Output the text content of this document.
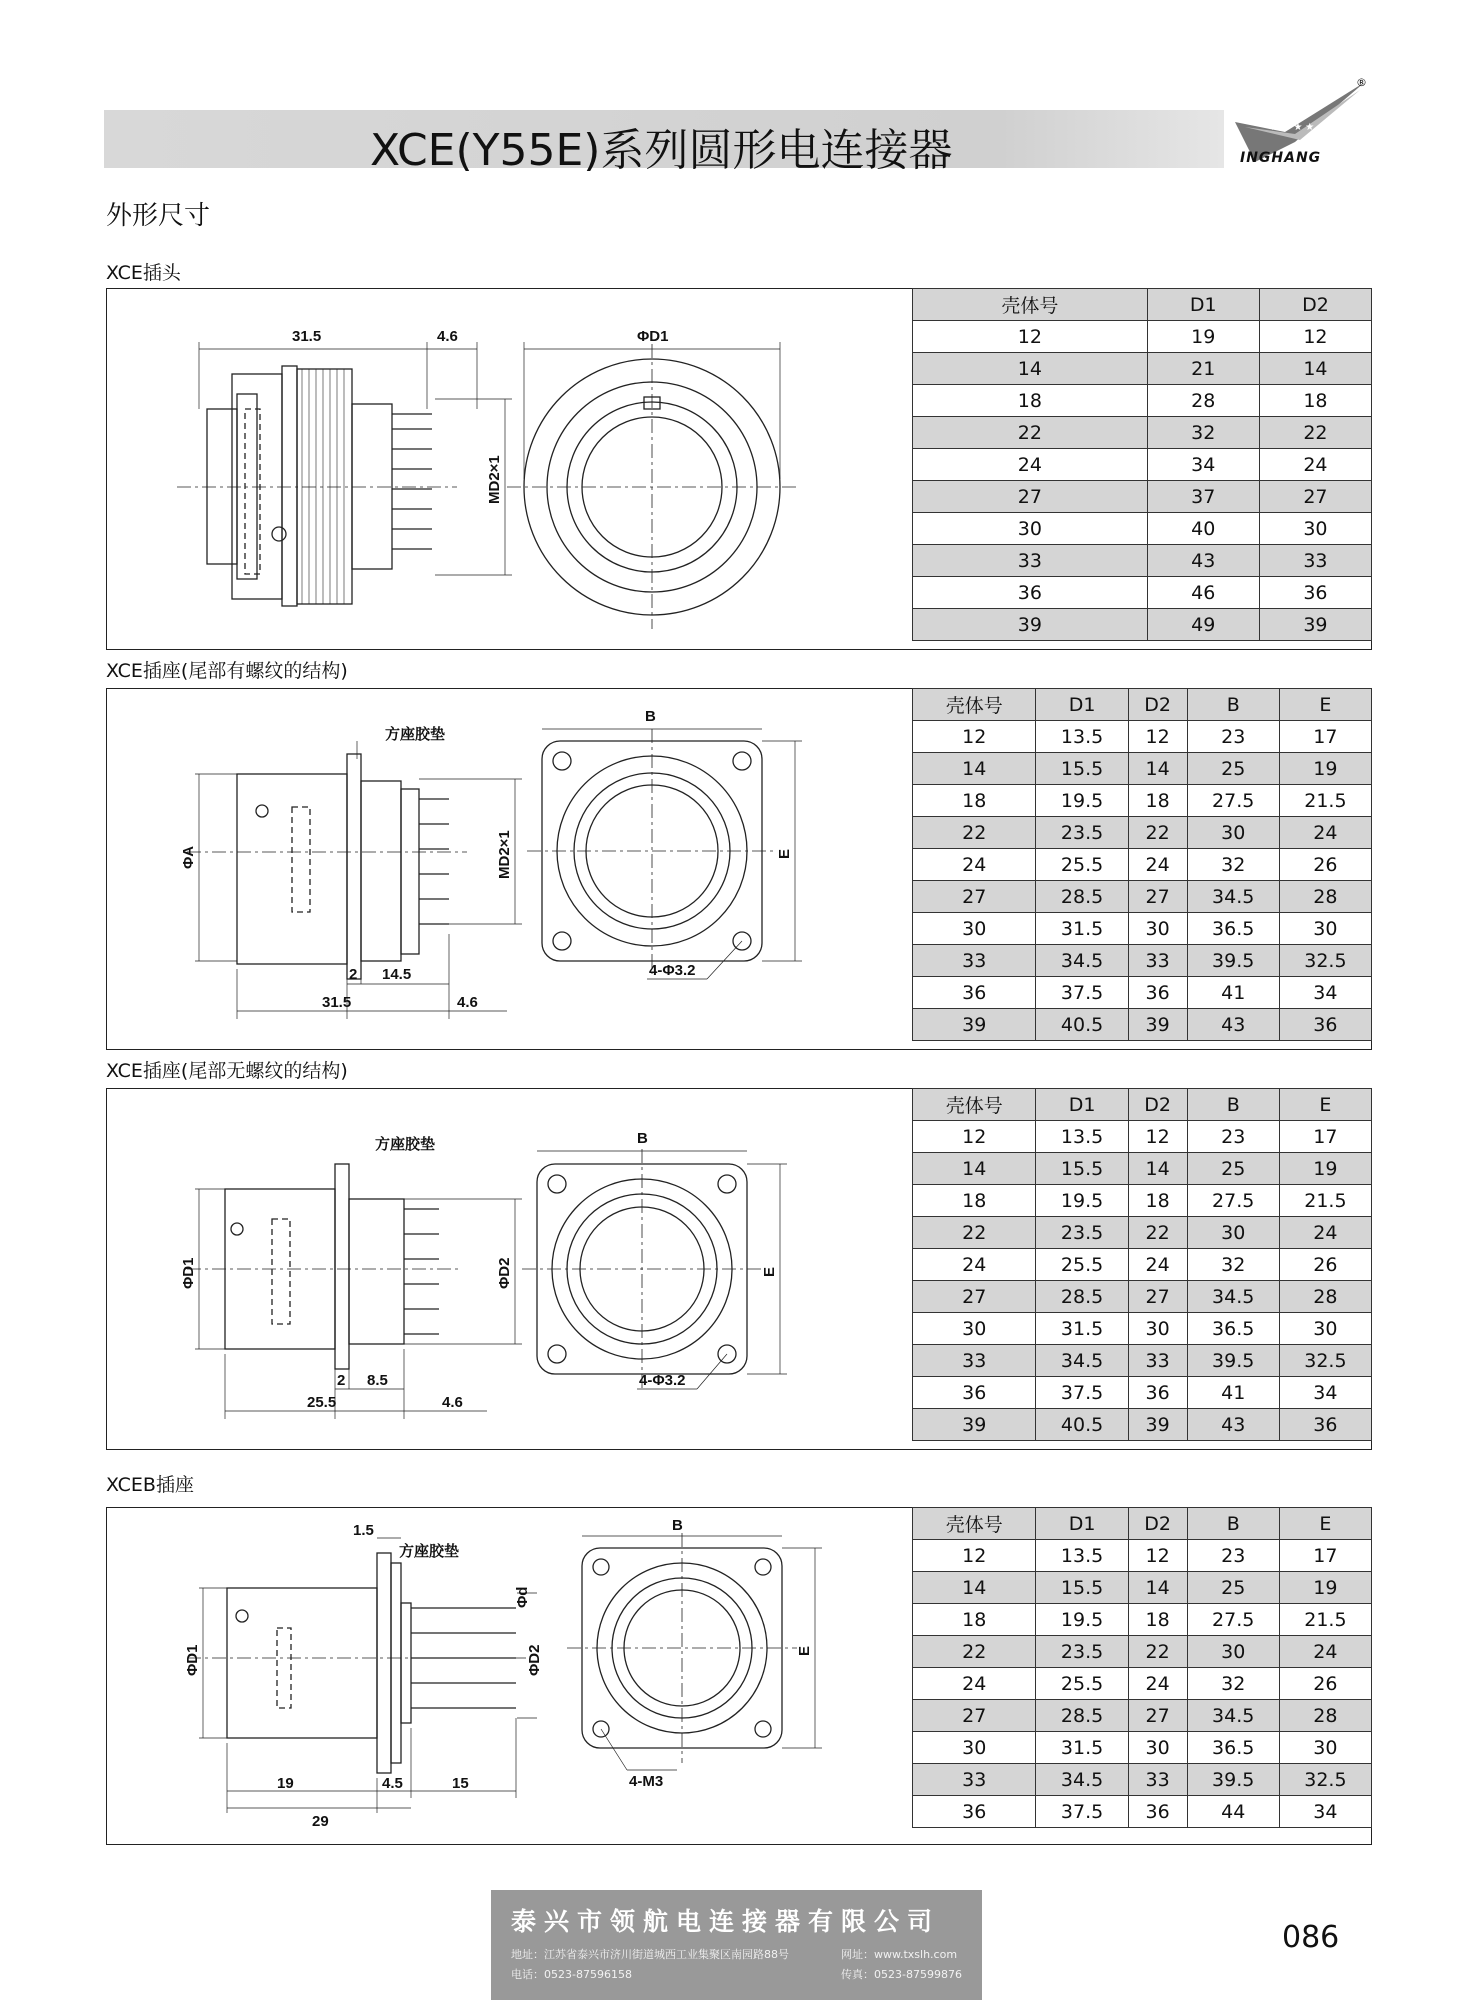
XCE(Y55E)系列圆形电连接器	★ ★ ★ ★
INGHANG
®
外形尺寸
XCE插头
31.5	4.6	ΦD1
MD2×1
壳体号	D1	D2
12	19	12
14	21	14
18	28	18
22	32	22
24	34	24
27	37	27
30	40	30
33	43	33
36	46	36
39	49	39
XCE插座(尾部有螺纹的结构)
方座胶垫
B
ΦA	MD2×1	E
4-Φ3.2
2 14.5
31.5	4.6
壳体号	D1	D2	B	E
12	13.5	12	23	17
14	15.5	14	25	19
18	19.5	18	27.5	21.5
22	23.5	22	30	24
24	25.5	24	32	26
27	28.5	27	34.5	28
30	31.5	30	36.5	30
33	34.5	33	39.5	32.5
36	37.5	36	41	34
39	40.5	39	43	36
XCE插座(尾部无螺纹的结构)
方座胶垫	B
ΦD1	ΦD2	E
4-Φ3.2
2 8.5
25.5	4.6
壳体号	D1	D2	B	E
12	13.5	12	23	17
14	15.5	14	25	19
18	19.5	18	27.5	21.5
22	23.5	22	30	24
24	25.5	24	32	26
27	28.5	27	34.5	28
30	31.5	30	36.5	30
33	34.5	33	39.5	32.5
36	37.5	36	41	34
39	40.5	39	43	36
XCEB插座
1.5
方座胶垫
B
Φd
ΦD1	ΦD2	E
4-M3
19	4.5	15
29
壳体号	D1	D2	B	E
12	13.5	12	23	17
14	15.5	14	25	19
18	19.5	18	27.5	21.5
22	23.5	22	30	24
24	25.5	24	32	26
27	28.5	27	34.5	28
30	31.5	30	36.5	30
33	34.5	33	39.5	32.5
36	37.5	36	44	34
泰兴市领航电连接器有限公司
地址：江苏省泰兴市济川街道城西工业集聚区南园路88号	网址：www.txslh.com
电话：0523-87596158	传真：0523-87599876
086
